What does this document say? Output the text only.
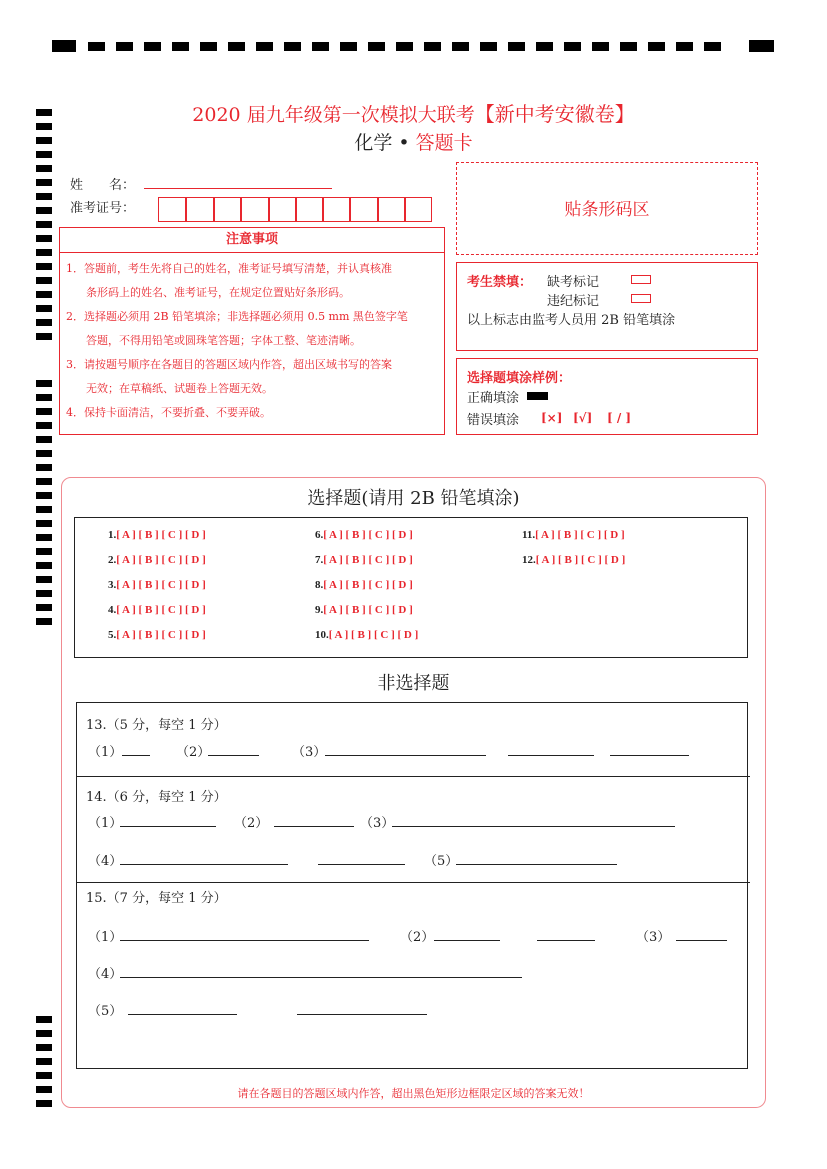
2020 届九年级第一次模拟大联考【新中考安徽卷】
化学 • 答题卡
姓　　名：
准考证号：	贴条形码区
注意事项
1．答题前，考生先将自己的姓名，准考证号填写清楚，并认真核准
条形码上的姓名、准考证号，在规定位置贴好条形码。
2．选择题必须用 2B 铅笔填涂；非选择题必须用 0.5 mm 黑色签字笔
答题，不得用铅笔或圆珠笔答题；字体工整、笔迹清晰。
3．请按题号顺序在各题目的答题区域内作答，超出区域书写的答案
无效；在草稿纸、试题卷上答题无效。
4．保持卡面清洁，不要折叠、不要弄破。
考生禁填： 缺考标记
违纪标记
以上标志由监考人员用 2B 铅笔填涂
选择题填涂样例：
正确填涂
错误填涂 [×] [√] [ / ]
选择题(请用 2B 铅笔填涂)
1.[ A ] [ B ] [ C ] [ D ]
2.[ A ] [ B ] [ C ] [ D ]
3.[ A ] [ B ] [ C ] [ D ]
4.[ A ] [ B ] [ C ] [ D ]
5.[ A ] [ B ] [ C ] [ D ]
6.[ A ] [ B ] [ C ] [ D ]
7.[ A ] [ B ] [ C ] [ D ]
8.[ A ] [ B ] [ C ] [ D ]
9.[ A ] [ B ] [ C ] [ D ]
10.[ A ] [ B ] [ C ] [ D ]
11.[ A ] [ B ] [ C ] [ D ]
12.[ A ] [ B ] [ C ] [ D ]
非选择题
13.（5 分，每空 1 分）
（1）	（2）	（3）
14.（6 分，每空 1 分）
（1）	（2）	（3）
（4）	（5）
15.（7 分，每空 1 分）
（1）	（2）	（3）
（4）
（5）
请在各题目的答题区域内作答，超出黑色矩形边框限定区域的答案无效！
